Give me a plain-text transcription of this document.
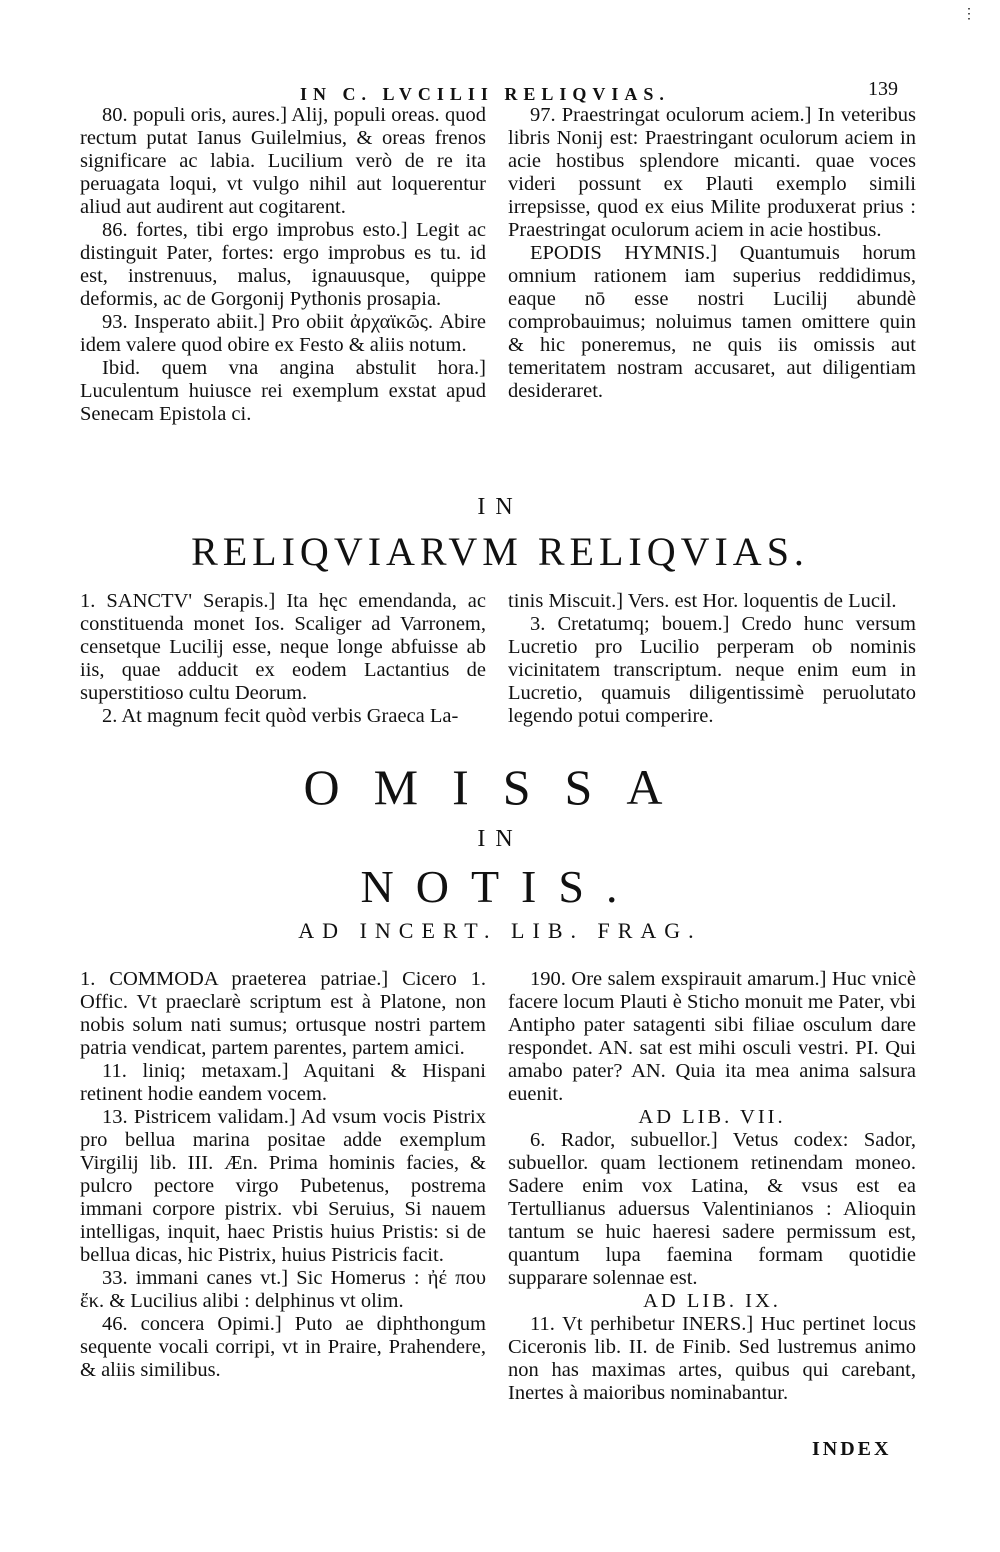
⋮
IN C. LVCILII RELIQVIAS.	139

80. populi oris, aures.] Alij, populi oreas. quod rectum putat Ianus Guilelmius, & oreas frenos significare ac labia. Lucilium verò de re ita peruagata loqui, vt vulgo nihil aut loquerentur aliud aut audirent aut cogitarent.

86. fortes, tibi ergo improbus esto.] Legit ac distinguit Pater, fortes: ergo improbus es tu. id est, instrenuus, malus, ignauusque, quippe deformis, ac de Gorgonij Pythonis prosapia.

93. Insperato abiit.] Pro obiit ἀρχαϊκῶς. Abire idem valere quod obire ex Festo & aliis notum.

Ibid. quem vna angina abstulit hora.] Luculentum huiusce rei exemplum exstat apud Senecam Epistola ci.

97. Praestringat oculorum aciem.] In veteribus libris Nonij est: Praestringant oculorum aciem in acie hostibus splendore micanti. quae voces videri possunt ex Plauti exemplo simili irrepsisse, quod ex eius Milite produxerat prius : Praestringat oculorum aciem in acie hostibus.

EPODIS HYMNIS.] Quantumuis horum omnium rationem iam superius reddidimus, eaque nō esse nostri Lucilij abundè comprobauimus; noluimus tamen omittere quin & hic poneremus, ne quis iis omissis aut temeritatem nostram accusaret, aut diligentiam desideraret.

IN
RELIQVIARVM RELIQVIAS.

1. SANCTV' Serapis.] Ita hęc emendanda, ac constituenda monet Ios. Scaliger ad Varronem, censetque Lucilij esse, neque longe abfuisse ab iis, quae adducit ex eodem Lactantius de superstitioso cultu Deorum.

2. At magnum fecit quòd verbis Graeca La-

tinis Miscuit.] Vers. est Hor. loquentis de Lucil.

3. Cretatumq; bouem.] Credo hunc versum Lucretio pro Lucilio perperam ob nominis vicinitatem transcriptum. neque enim eum in Lucretio, quamuis diligentissimè peruolutato legendo potui comperire.

OMISSA
IN
NOTIS.
AD INCERT. LIB. FRAG.

1. COMMODA praeterea patriae.] Cicero 1. Offic. Vt praeclarè scriptum est à Platone, non nobis solum nati sumus; ortusque nostri partem patria vendicat, partem parentes, partem amici.

11. liniq; metaxam.] Aquitani & Hispani retinent hodie eandem vocem.

13. Pistricem validam.] Ad vsum vocis Pistrix pro bellua marina positae adde exemplum Virgilij lib. III. Æn. Prima hominis facies, & pulcro pectore virgo Pubetenus, postrema immani corpore pistrix. vbi Seruius, Si nauem intelligas, inquit, haec Pristis huius Pristis: si de bellua dicas, hic Pistrix, huius Pistricis facit.

33. immani canes vt.] Sic Homerus : ἠέ που ἔκ. & Lucilius alibi : delphinus vt olim.

46. concera Opimi.] Puto ae diphthongum sequente vocali corripi, vt in Praire, Prahendere, & aliis similibus.

190. Ore salem exspirauit amarum.] Huc vnicè facere locum Plauti è Sticho monuit me Pater, vbi Antipho pater satagenti sibi filiae osculum dare respondet. AN. sat est mihi osculi vestri. PI. Qui amabo pater? AN. Quia ita mea anima salsura euenit.

AD LIB. VII.

6. Rador, subuellor.] Vetus codex: Sador, subuellor. quam lectionem retinendam moneo. Sadere enim vox Latina, & vsus est ea Tertullianus aduersus Valentinianos : Alioquin tantum se huic haeresi sadere permissum est, quantum lupa faemina formam quotidie supparare solennae est.

AD LIB. IX.

11. Vt perhibetur INERS.] Huc pertinet locus Ciceronis lib. II. de Finib. Sed lustremus animo non has maximas artes, quibus qui carebant, Inertes à maioribus nominabantur.

INDEX
